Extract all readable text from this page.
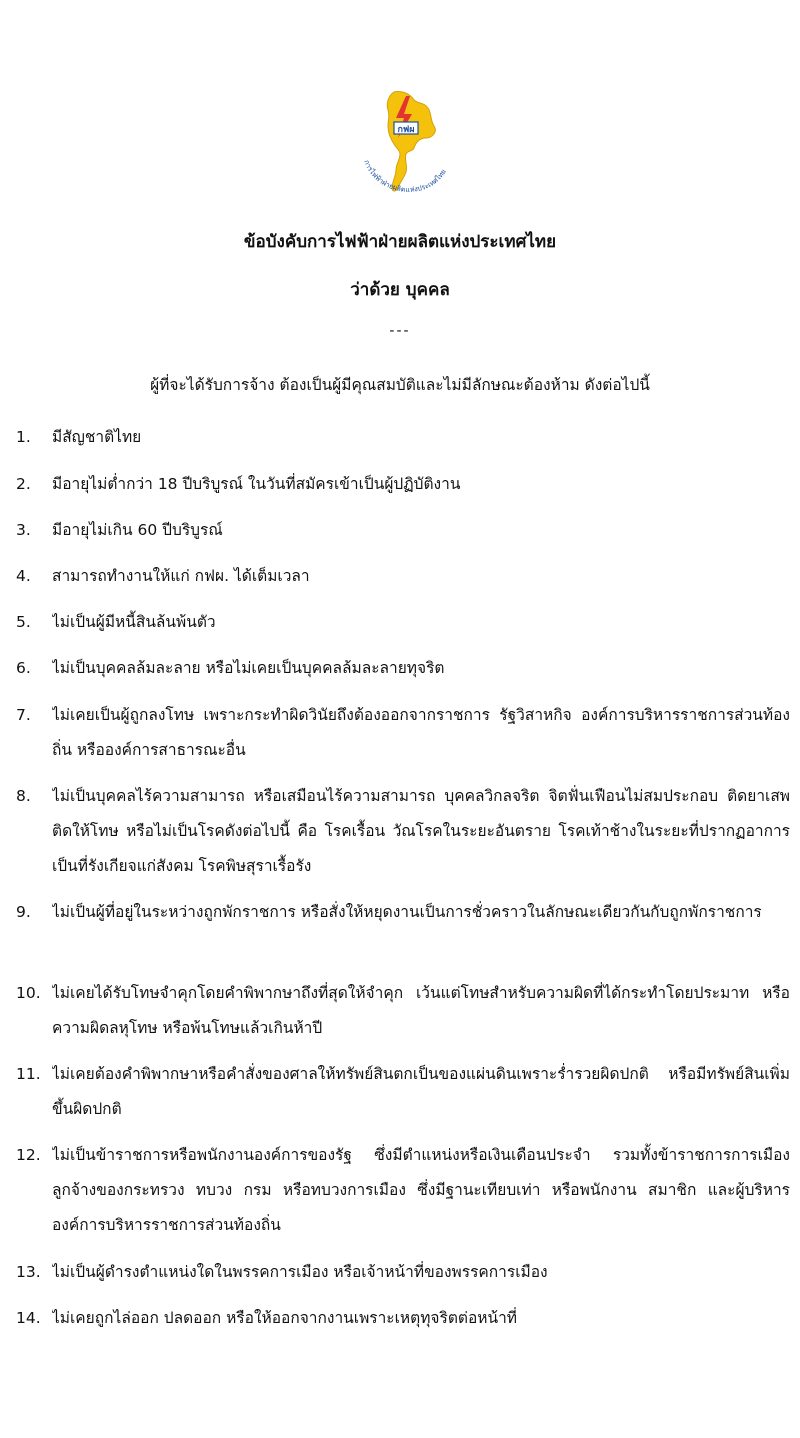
กฟผ
การไฟฟ้าฝ่ายผลิตแห่งประเทศไทย
ข้อบังคับการไฟฟ้าฝ่ายผลิตแห่งประเทศไทย
ว่าด้วย บุคคล
---
ผู้ที่จะได้รับการจ้าง ต้องเป็นผู้มีคุณสมบัติและไม่มีลักษณะต้องห้าม ดังต่อไปนี้
1.	มีสัญชาติไทย
2.	มีอายุไม่ต่ำกว่า 18 ปีบริบูรณ์ ในวันที่สมัครเข้าเป็นผู้ปฏิบัติงาน
3.	มีอายุไม่เกิน 60 ปีบริบูรณ์
4.	สามารถทำงานให้แก่ กฟผ. ได้เต็มเวลา
5.	ไม่เป็นผู้มีหนี้สินล้นพ้นตัว
6.	ไม่เป็นบุคคลล้มละลาย หรือไม่เคยเป็นบุคคลล้มละลายทุจริต
7.	ไม่เคยเป็นผู้ถูกลงโทษ เพราะกระทำผิดวินัยถึงต้องออกจากราชการ รัฐวิสาหกิจ องค์การบริหารราชการส่วนท้องถิ่น หรือองค์การสาธารณะอื่น
8.	ไม่เป็นบุคคลไร้ความสามารถ หรือเสมือนไร้ความสามารถ บุคคลวิกลจริต จิตฟั่นเฟือนไม่สมประกอบ ติดยาเสพติดให้โทษ หรือไม่เป็นโรคดังต่อไปนี้ คือ โรคเรื้อน วัณโรคในระยะอันตราย โรคเท้าช้างในระยะที่ปรากฏอาการเป็นที่รังเกียจแก่สังคม โรคพิษสุราเรื้อรัง
9.	ไม่เป็นผู้ที่อยู่ในระหว่างถูกพักราชการ หรือสั่งให้หยุดงานเป็นการชั่วคราวในลักษณะเดียวกันกับถูกพักราชการ
10. ไม่เคยได้รับโทษจำคุกโดยคำพิพากษาถึงที่สุดให้จำคุก เว้นแต่โทษสำหรับความผิดที่ได้กระทำโดยประมาท หรือความผิดลหุโทษ หรือพ้นโทษแล้วเกินห้าปี
11. ไม่เคยต้องคำพิพากษาหรือคำสั่งของศาลให้ทรัพย์สินตกเป็นของแผ่นดินเพราะร่ำรวยผิดปกติ หรือมีทรัพย์สินเพิ่มขึ้นผิดปกติ
12. ไม่เป็นข้าราชการหรือพนักงานองค์การของรัฐ ซึ่งมีตำแหน่งหรือเงินเดือนประจำ รวมทั้งข้าราชการการเมือง ลูกจ้างของกระทรวง ทบวง กรม หรือทบวงการเมือง ซึ่งมีฐานะเทียบเท่า หรือพนักงาน สมาชิก และผู้บริหารองค์การบริหารราชการส่วนท้องถิ่น
13. ไม่เป็นผู้ดำรงตำแหน่งใดในพรรคการเมือง หรือเจ้าหน้าที่ของพรรคการเมือง
14. ไม่เคยถูกไล่ออก ปลดออก หรือให้ออกจากงานเพราะเหตุทุจริตต่อหน้าที่
